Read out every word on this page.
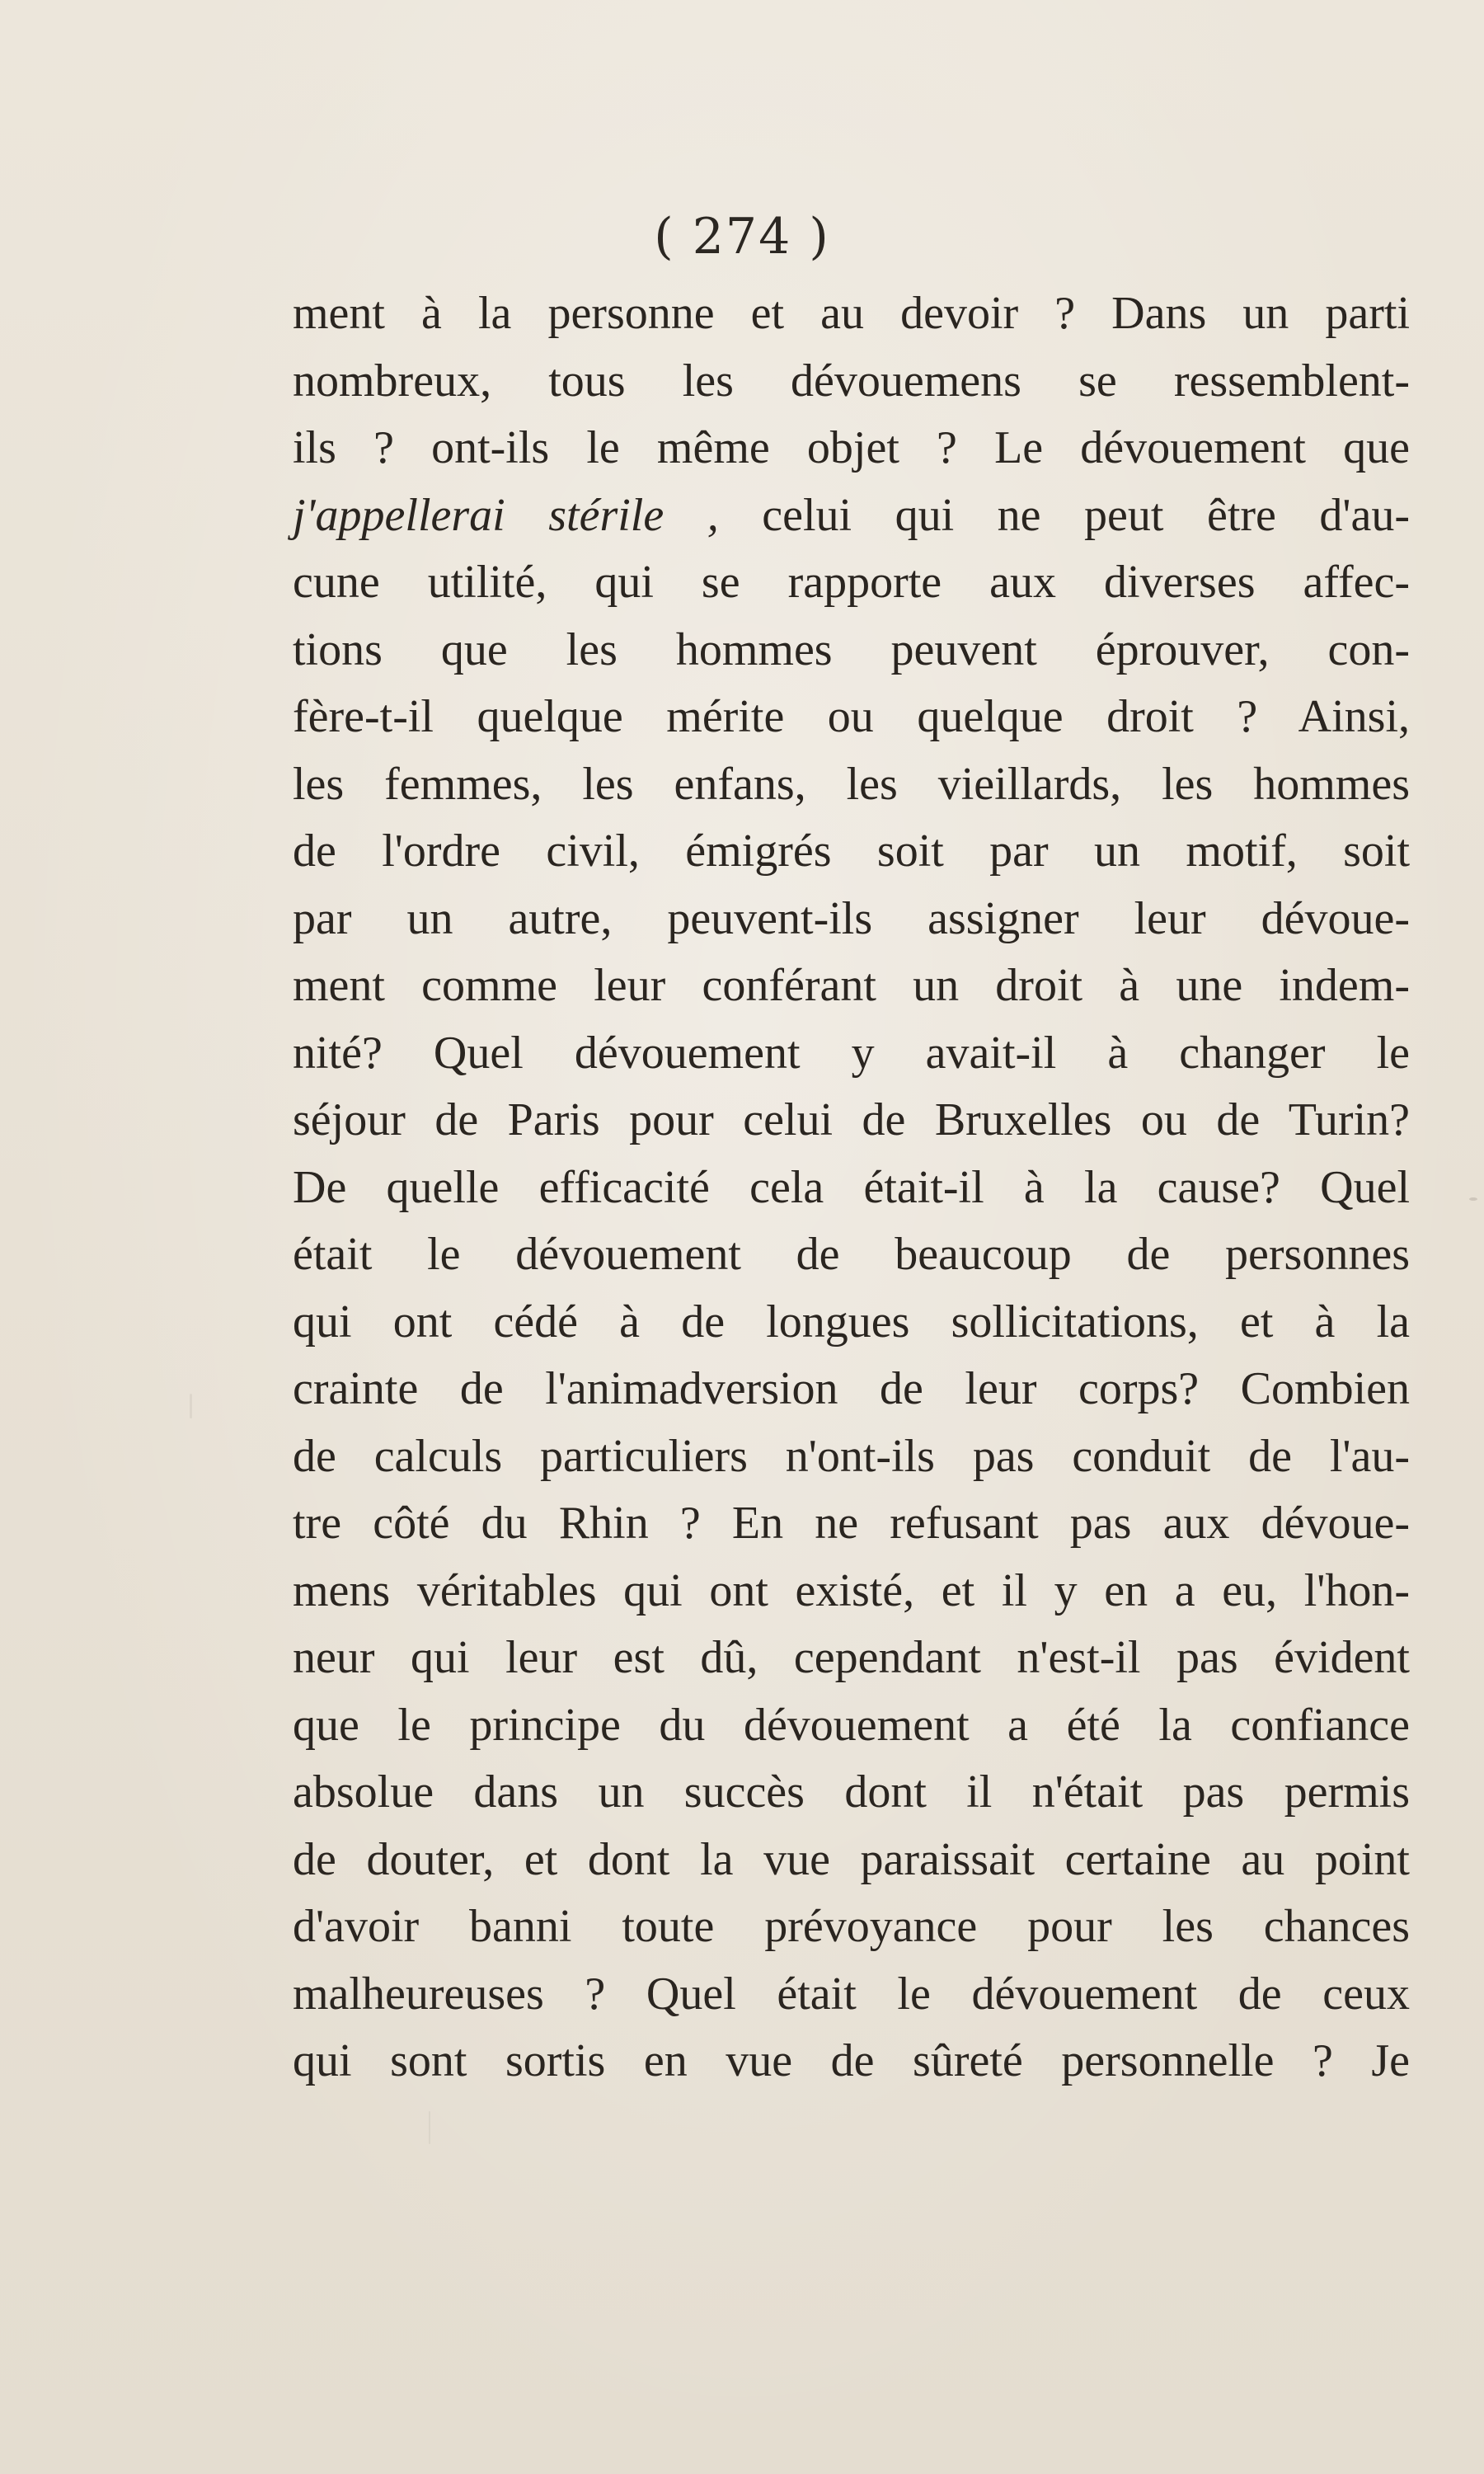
( 274 )
ment à la personne et au devoir ? Dans un parti
nombreux, tous les dévouemens se ressemblent-
ils ? ont-ils le même objet ? Le dévouement que
j'appellerai stérile , celui qui ne peut être d'au-
cune utilité, qui se rapporte aux diverses affec-
tions que les hommes peuvent éprouver, con-
fère-t-il quelque mérite ou quelque droit ? Ainsi,
les femmes, les enfans, les vieillards, les hommes
de l'ordre civil, émigrés soit par un motif, soit
par un autre, peuvent-ils assigner leur dévoue-
ment comme leur conférant un droit à une indem-
nité? Quel dévouement y avait-il à changer le
séjour de Paris pour celui de Bruxelles ou de Turin?
De quelle efficacité cela était-il à la cause? Quel
était le dévouement de beaucoup de personnes
qui ont cédé à de longues sollicitations, et à la
crainte de l'animadversion de leur corps? Combien
de calculs particuliers n'ont-ils pas conduit de l'au-
tre côté du Rhin ? En ne refusant pas aux dévoue-
mens véritables qui ont existé, et il y en a eu, l'hon-
neur qui leur est dû, cependant n'est-il pas évident
que le principe du dévouement a été la confiance
absolue dans un succès dont il n'était pas permis
de douter, et dont la vue paraissait certaine au point
d'avoir banni toute prévoyance pour les chances
malheureuses ? Quel était le dévouement de ceux
qui sont sortis en vue de sûreté personnelle ? Je
